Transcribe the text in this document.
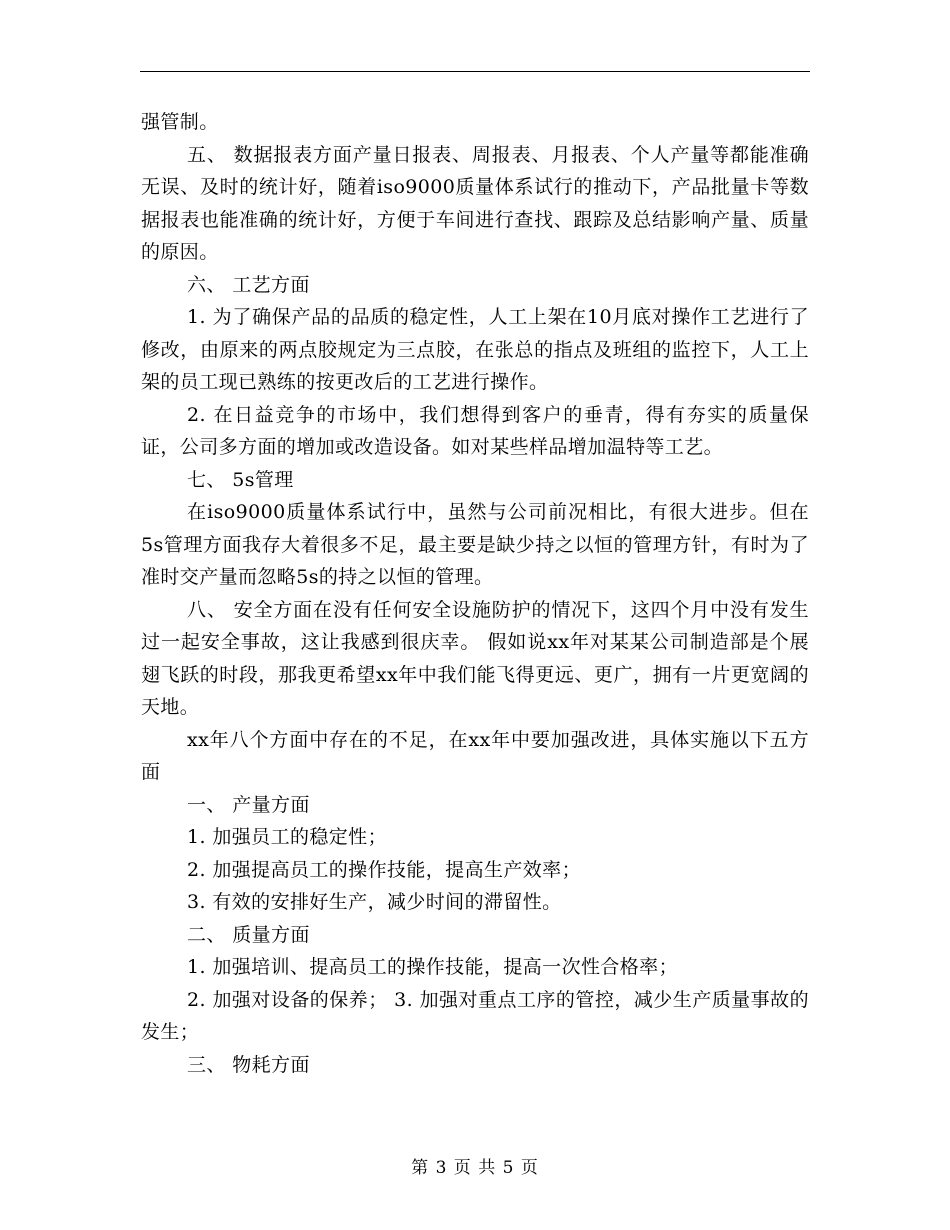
强管制。

五、 数据报表方面产量日报表、周报表、月报表、个人产量等都能准确无误、及时的统计好，随着iso9000质量体系试行的推动下，产品批量卡等数据报表也能准确的统计好，方便于车间进行查找、跟踪及总结影响产量、质量的原因。

六、 工艺方面

1. 为了确保产品的品质的稳定性，人工上架在10月底对操作工艺进行了修改，由原来的两点胶规定为三点胶，在张总的指点及班组的监控下，人工上架的员工现已熟练的按更改后的工艺进行操作。

2. 在日益竞争的市场中，我们想得到客户的垂青，得有夯实的质量保证，公司多方面的增加或改造设备。如对某些样品增加温特等工艺。

七、 5s管理

在iso9000质量体系试行中，虽然与公司前况相比，有很大进步。但在5s管理方面我存大着很多不足，最主要是缺少持之以恒的管理方针，有时为了准时交产量而忽略5s的持之以恒的管理。

八、 安全方面在没有任何安全设施防护的情况下，这四个月中没有发生过一起安全事故，这让我感到很庆幸。 假如说xx年对某某公司制造部是个展翅飞跃的时段，那我更希望xx年中我们能飞得更远、更广，拥有一片更宽阔的天地。

xx年八个方面中存在的不足，在xx年中要加强改进，具体实施以下五方面

一、 产量方面

1. 加强员工的稳定性；

2. 加强提高员工的操作技能，提高生产效率；

3. 有效的安排好生产，减少时间的滞留性。

二、 质量方面

1. 加强培训、提高员工的操作技能，提高一次性合格率；

2. 加强对设备的保养； 3. 加强对重点工序的管控，减少生产质量事故的发生；

三、 物耗方面

第 3 页 共 5 页
